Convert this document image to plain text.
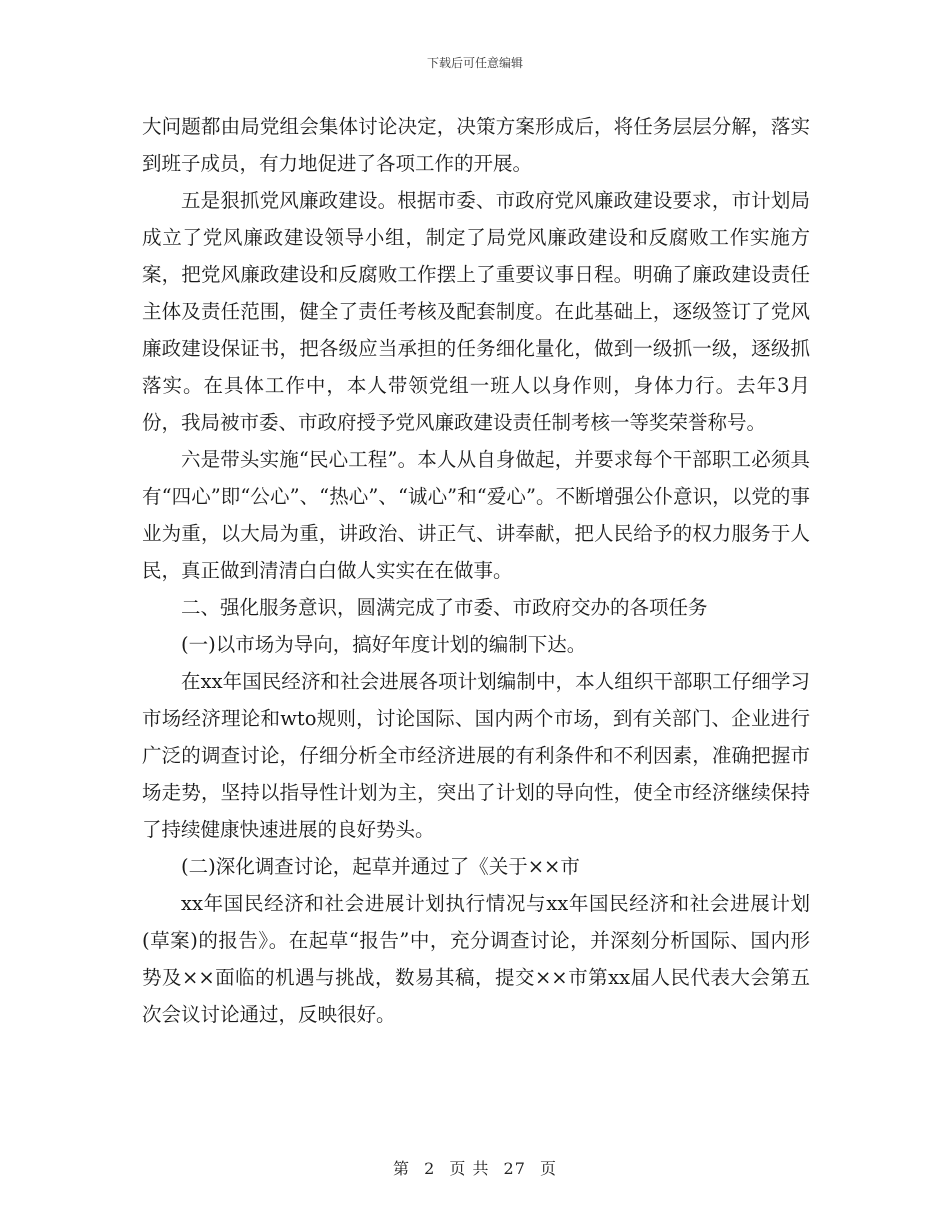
下载后可任意编辑

大问题都由局党组会集体讨论决定，决策方案形成后，将任务层层分解，落实到班子成员，有力地促进了各项工作的开展。

五是狠抓党风廉政建设。根据市委、市政府党风廉政建设要求，市计划局成立了党风廉政建设领导小组，制定了局党风廉政建设和反腐败工作实施方案，把党风廉政建设和反腐败工作摆上了重要议事日程。明确了廉政建设责任主体及责任范围，健全了责任考核及配套制度。在此基础上，逐级签订了党风廉政建设保证书，把各级应当承担的任务细化量化，做到一级抓一级，逐级抓落实。在具体工作中，本人带领党组一班人以身作则，身体力行。去年3月份，我局被市委、市政府授予党风廉政建设责任制考核一等奖荣誉称号。

六是带头实施“民心工程”。本人从自身做起，并要求每个干部职工必须具有“四心”即“公心”、“热心”、“诚心”和“爱心”。不断增强公仆意识，以党的事业为重，以大局为重，讲政治、讲正气、讲奉献，把人民给予的权力服务于人民，真正做到清清白白做人实实在在做事。

二、强化服务意识，圆满完成了市委、市政府交办的各项任务

(一)以市场为导向，搞好年度计划的编制下达。

在xx年国民经济和社会进展各项计划编制中，本人组织干部职工仔细学习市场经济理论和wto规则，讨论国际、国内两个市场，到有关部门、企业进行广泛的调查讨论，仔细分析全市经济进展的有利条件和不利因素，准确把握市场走势，坚持以指导性计划为主，突出了计划的导向性，使全市经济继续保持了持续健康快速进展的良好势头。

(二)深化调查讨论，起草并通过了《关于××市

xx年国民经济和社会进展计划执行情况与xx年国民经济和社会进展计划(草案)的报告》。在起草“报告”中，充分调查讨论，并深刻分析国际、国内形势及××面临的机遇与挑战，数易其稿，提交××市第xx届人民代表大会第五次会议讨论通过，反映很好。

第 2 页 共 27 页
